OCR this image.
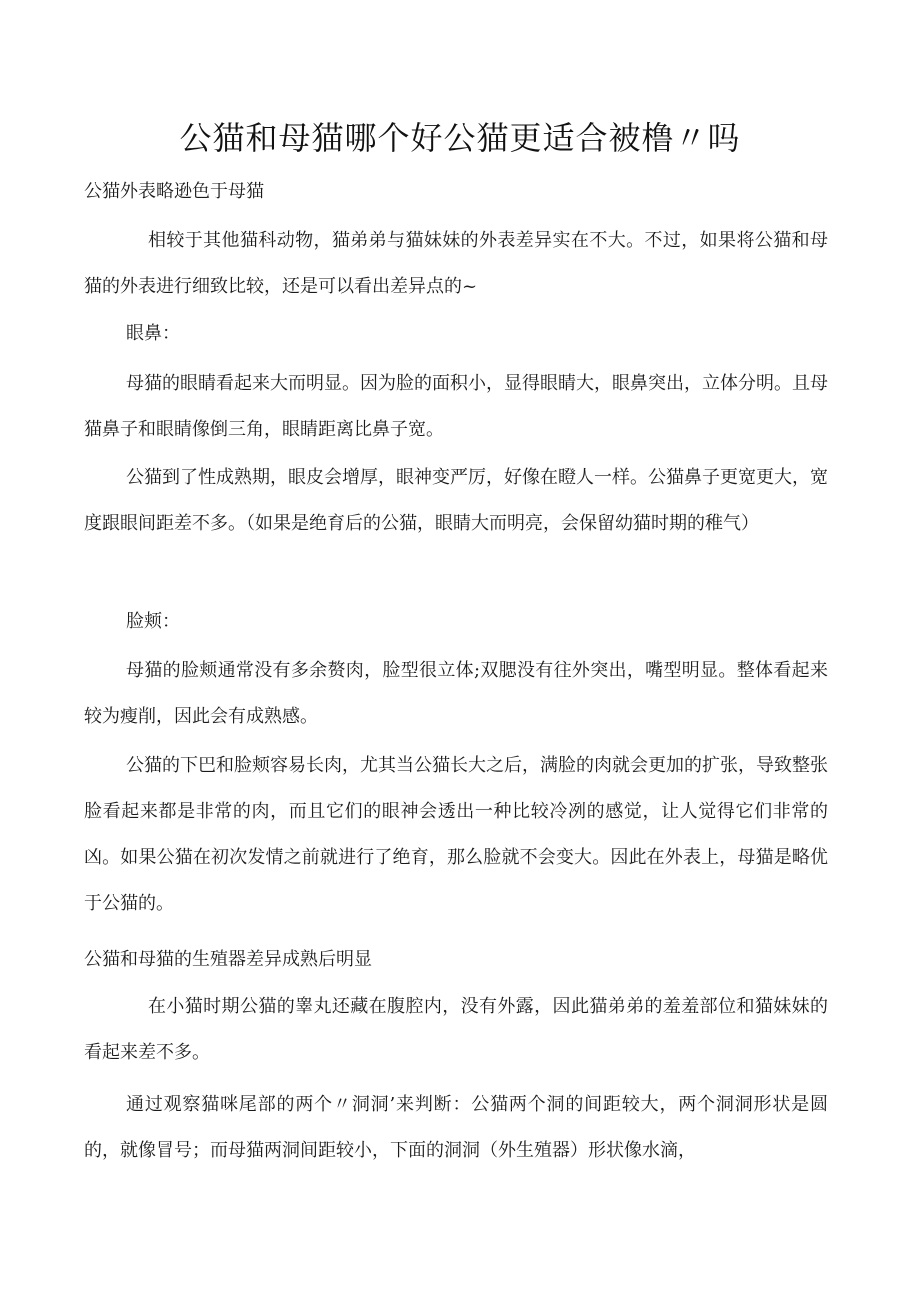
公猫和母猫哪个好公猫更适合被橹〃吗

公猫外表略逊色于母猫

相较于其他猫科动物，猫弟弟与猫妹妹的外表差异实在不大。不过，如果将公猫和母猫的外表进行细致比较，还是可以看出差异点的~

眼鼻：

母猫的眼睛看起来大而明显。因为脸的面积小，显得眼睛大，眼鼻突出，立体分明。且母猫鼻子和眼睛像倒三角，眼睛距离比鼻子宽。

公猫到了性成熟期，眼皮会增厚，眼神变严厉，好像在瞪人一样。公猫鼻子更宽更大，宽度跟眼间距差不多。（如果是绝育后的公猫，眼睛大而明亮，会保留幼猫时期的稚气）

脸颊：

母猫的脸颊通常没有多余赘肉，脸型很立体;双腮没有往外突出，嘴型明显。整体看起来较为瘦削，因此会有成熟感。

公猫的下巴和脸颊容易长肉，尤其当公猫长大之后，满脸的肉就会更加的扩张，导致整张脸看起来都是非常的肉，而且它们的眼神会透出一种比较冷冽的感觉，让人觉得它们非常的凶。如果公猫在初次发情之前就进行了绝育，那么脸就不会变大。因此在外表上，母猫是略优于公猫的。

公猫和母猫的生殖器差异成熟后明显

在小猫时期公猫的睾丸还藏在腹腔内，没有外露，因此猫弟弟的羞羞部位和猫妹妹的看起来差不多。

通过观察猫咪尾部的两个〃洞洞’来判断：公猫两个洞的间距较大，两个洞洞形状是圆的，就像冒号；而母猫两洞间距较小，下面的洞洞（外生殖器）形状像水滴，
